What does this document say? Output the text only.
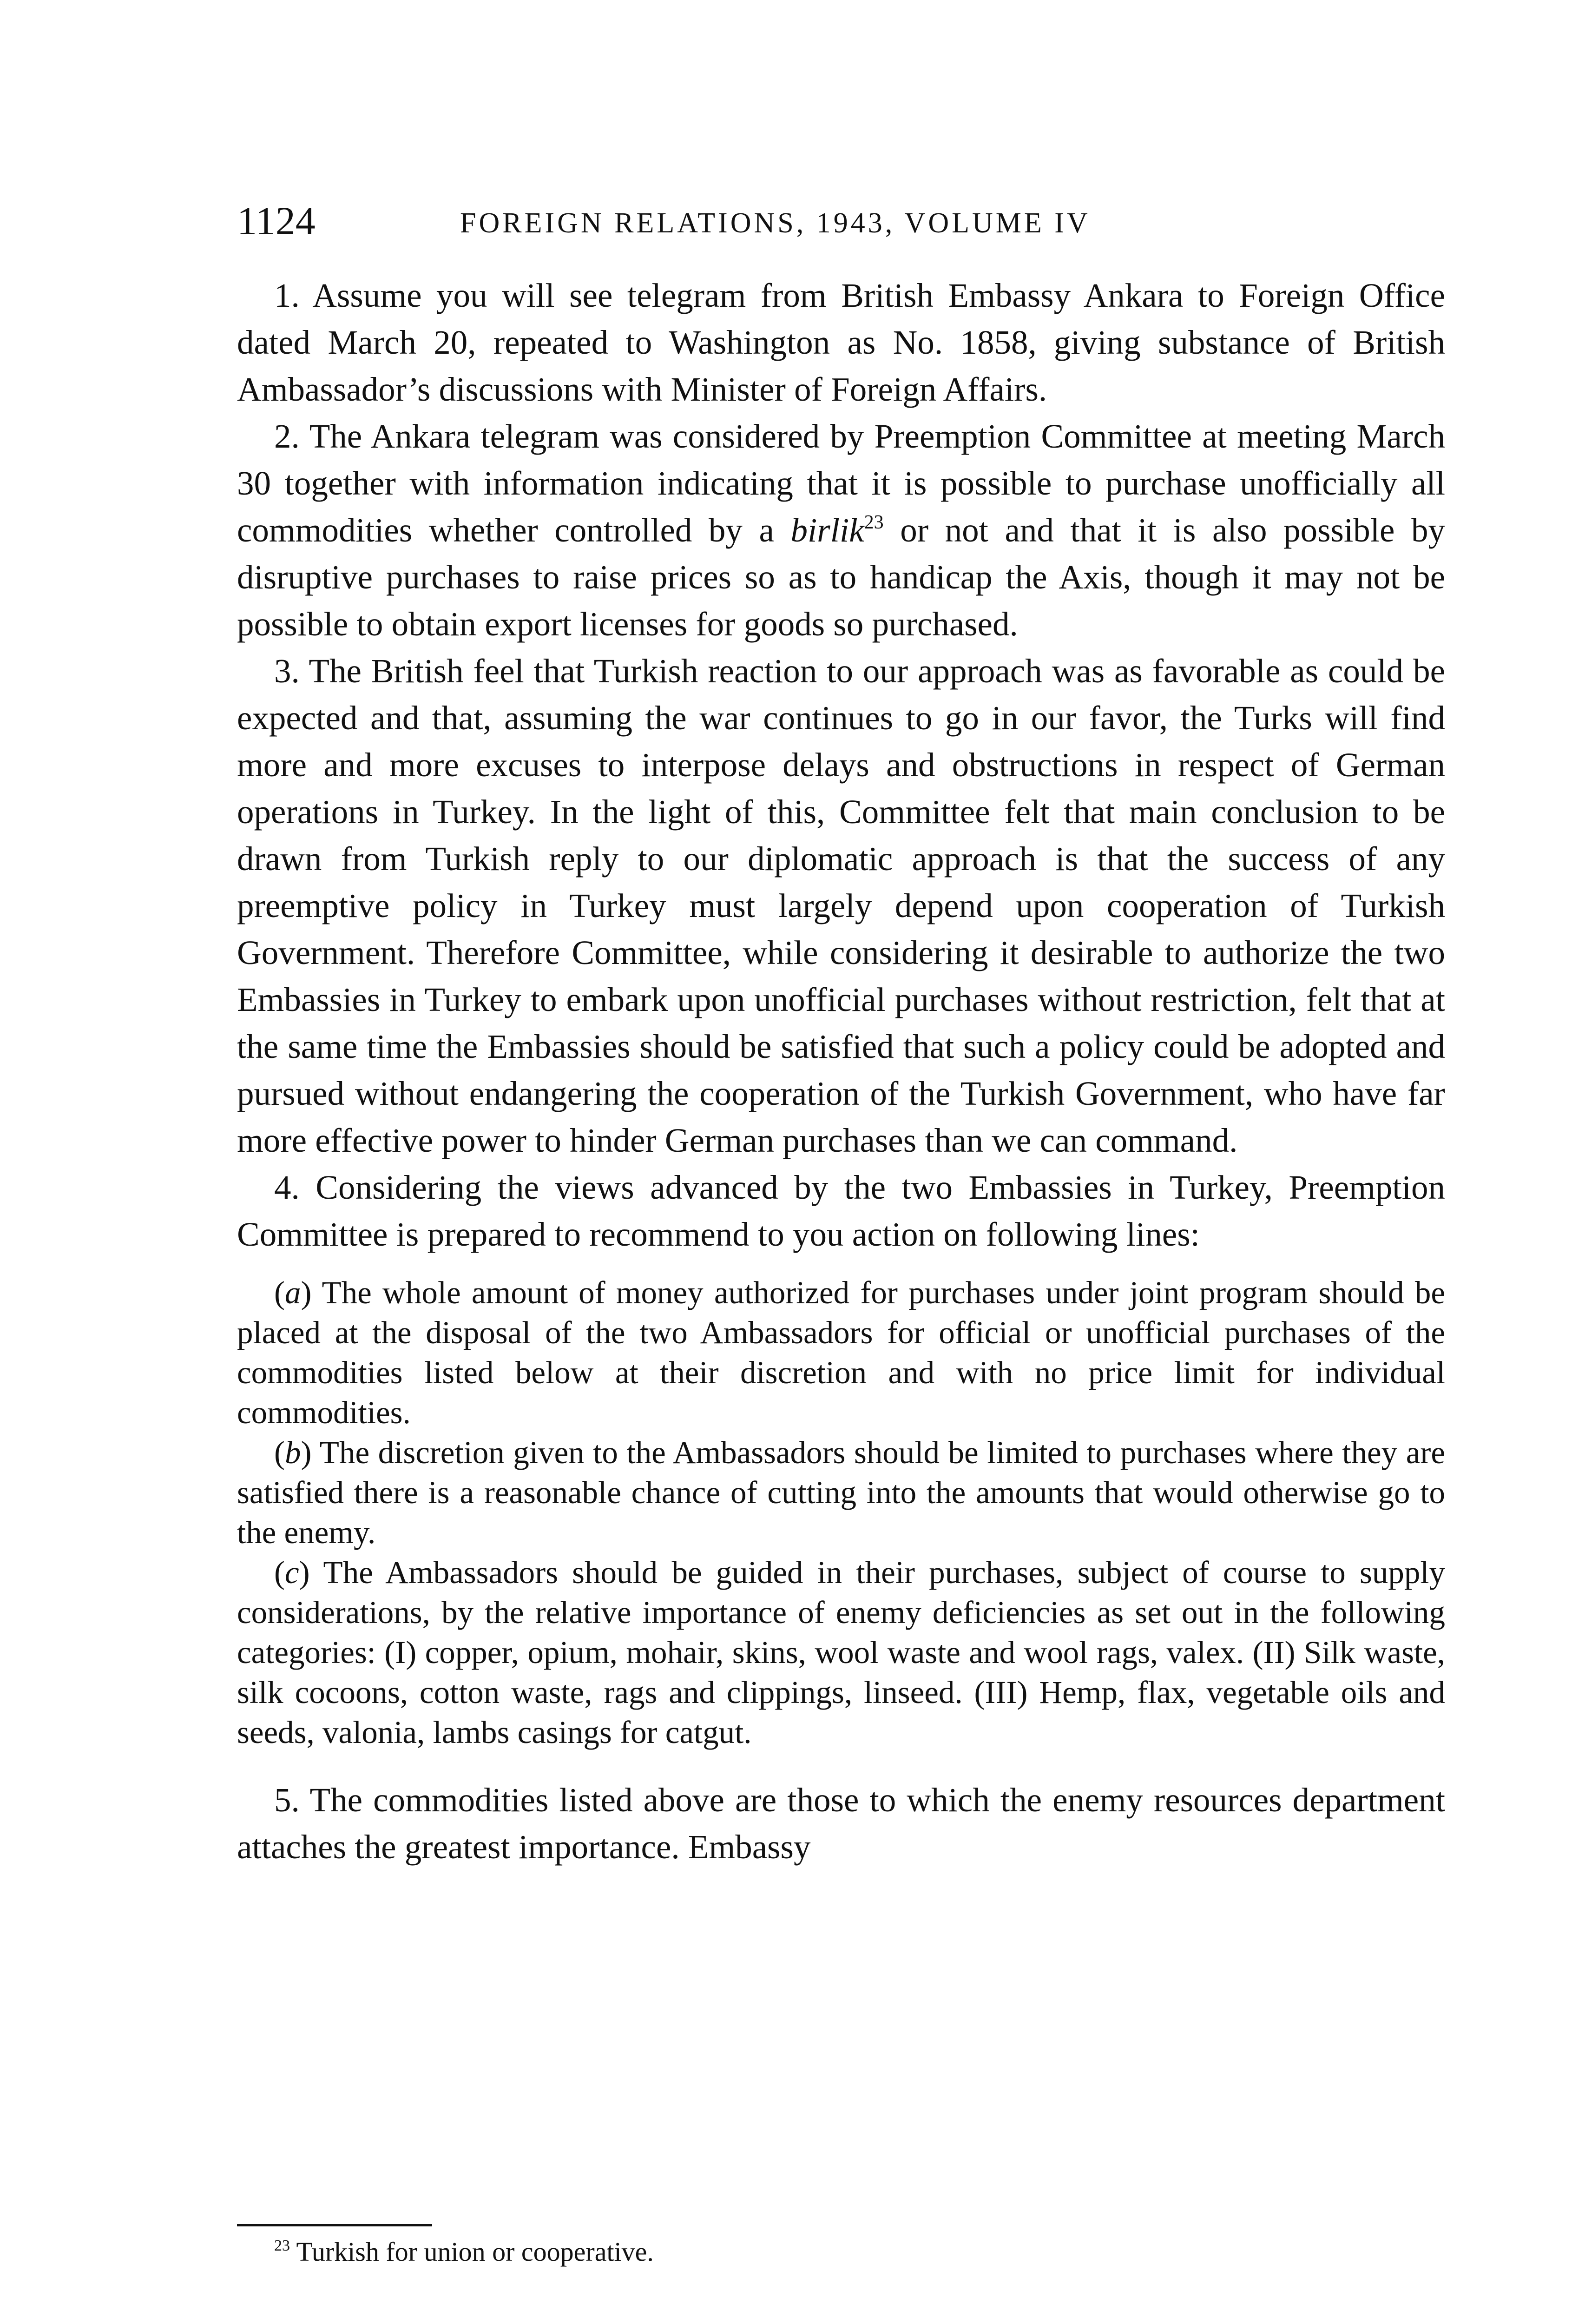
1124	FOREIGN RELATIONS, 1943, VOLUME IV

1. Assume you will see telegram from British Embassy Ankara to Foreign Office dated March 20, repeated to Washington as No. 1858, giving substance of British Ambassador’s discussions with Minister of Foreign Affairs.

2. The Ankara telegram was considered by Preemption Committee at meeting March 30 together with information indicating that it is possible to purchase unofficially all commodities whether controlled by a birlik$^{23}$ or not and that it is also possible by disruptive purchases to raise prices so as to handicap the Axis, though it may not be possible to obtain export licenses for goods so purchased.

3. The British feel that Turkish reaction to our approach was as favorable as could be expected and that, assuming the war continues to go in our favor, the Turks will find more and more excuses to interpose delays and obstructions in respect of German operations in Turkey. In the light of this, Committee felt that main conclusion to be drawn from Turkish reply to our diplomatic approach is that the success of any preemptive policy in Turkey must largely depend upon cooperation of Turkish Government. Therefore Committee, while considering it desirable to authorize the two Embassies in Turkey to embark upon unofficial purchases without restriction, felt that at the same time the Embassies should be satisfied that such a policy could be adopted and pursued without endangering the cooperation of the Turkish Government, who have far more effective power to hinder German purchases than we can command.

4. Considering the views advanced by the two Embassies in Turkey, Preemption Committee is prepared to recommend to you action on following lines:

(a) The whole amount of money authorized for purchases under joint program should be placed at the disposal of the two Ambassadors for official or unofficial purchases of the commodities listed below at their discretion and with no price limit for individual commodities.

(b) The discretion given to the Ambassadors should be limited to purchases where they are satisfied there is a reasonable chance of cutting into the amounts that would otherwise go to the enemy.

(c) The Ambassadors should be guided in their purchases, subject of course to supply considerations, by the relative importance of enemy deficiencies as set out in the following categories: (I) copper, opium, mohair, skins, wool waste and wool rags, valex. (II) Silk waste, silk cocoons, cotton waste, rags and clippings, linseed. (III) Hemp, flax, vegetable oils and seeds, valonia, lambs casings for catgut.

5. The commodities listed above are those to which the enemy resources department attaches the greatest importance. Embassy

$^{23}$ Turkish for union or cooperative.
